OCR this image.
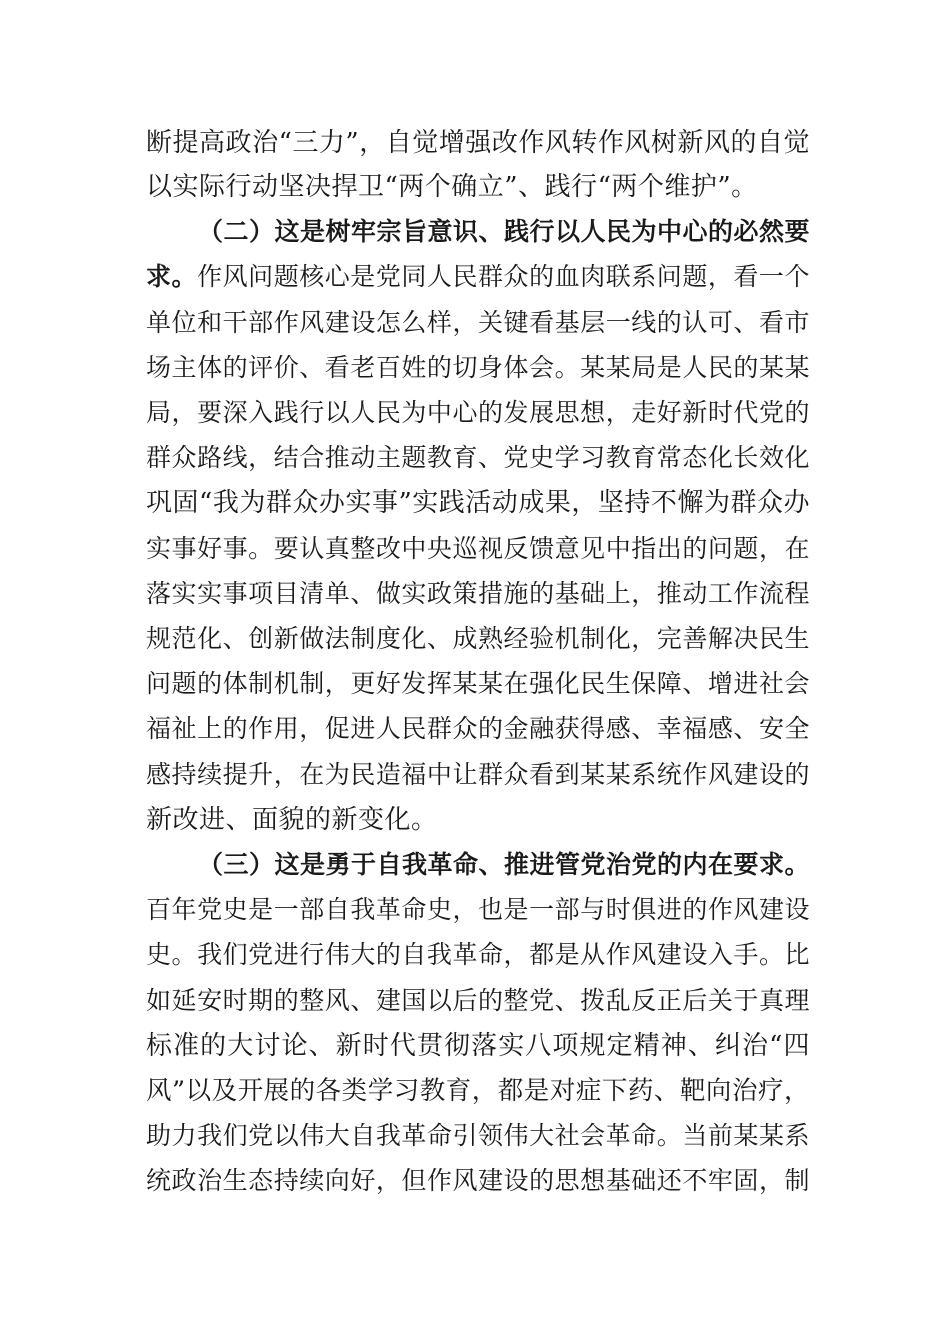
断提高政治“三力”，自觉增强改作风转作风树新风的自觉
以实际行动坚决捍卫“两个确立”、践行“两个维护”。
（二）这是树牢宗旨意识、践行以人民为中心的必然要
求。作风问题核心是党同人民群众的血肉联系问题，看一个
单位和干部作风建设怎么样，关键看基层一线的认可、看市
场主体的评价、看老百姓的切身体会。某某局是人民的某某
局，要深入践行以人民为中心的发展思想，走好新时代党的
群众路线，结合推动主题教育、党史学习教育常态化长效化
巩固“我为群众办实事”实践活动成果，坚持不懈为群众办
实事好事。要认真整改中央巡视反馈意见中指出的问题，在
落实实事项目清单、做实政策措施的基础上，推动工作流程
规范化、创新做法制度化、成熟经验机制化，完善解决民生
问题的体制机制，更好发挥某某在强化民生保障、增进社会
福祉上的作用，促进人民群众的金融获得感、幸福感、安全
感持续提升，在为民造福中让群众看到某某系统作风建设的
新改进、面貌的新变化。
（三）这是勇于自我革命、推进管党治党的内在要求。
百年党史是一部自我革命史，也是一部与时俱进的作风建设
史。我们党进行伟大的自我革命，都是从作风建设入手。比
如延安时期的整风、建国以后的整党、拨乱反正后关于真理
标准的大讨论、新时代贯彻落实八项规定精神、纠治“四
风”以及开展的各类学习教育，都是对症下药、靶向治疗，
助力我们党以伟大自我革命引领伟大社会革命。当前某某系
统政治生态持续向好，但作风建设的思想基础还不牢固，制
